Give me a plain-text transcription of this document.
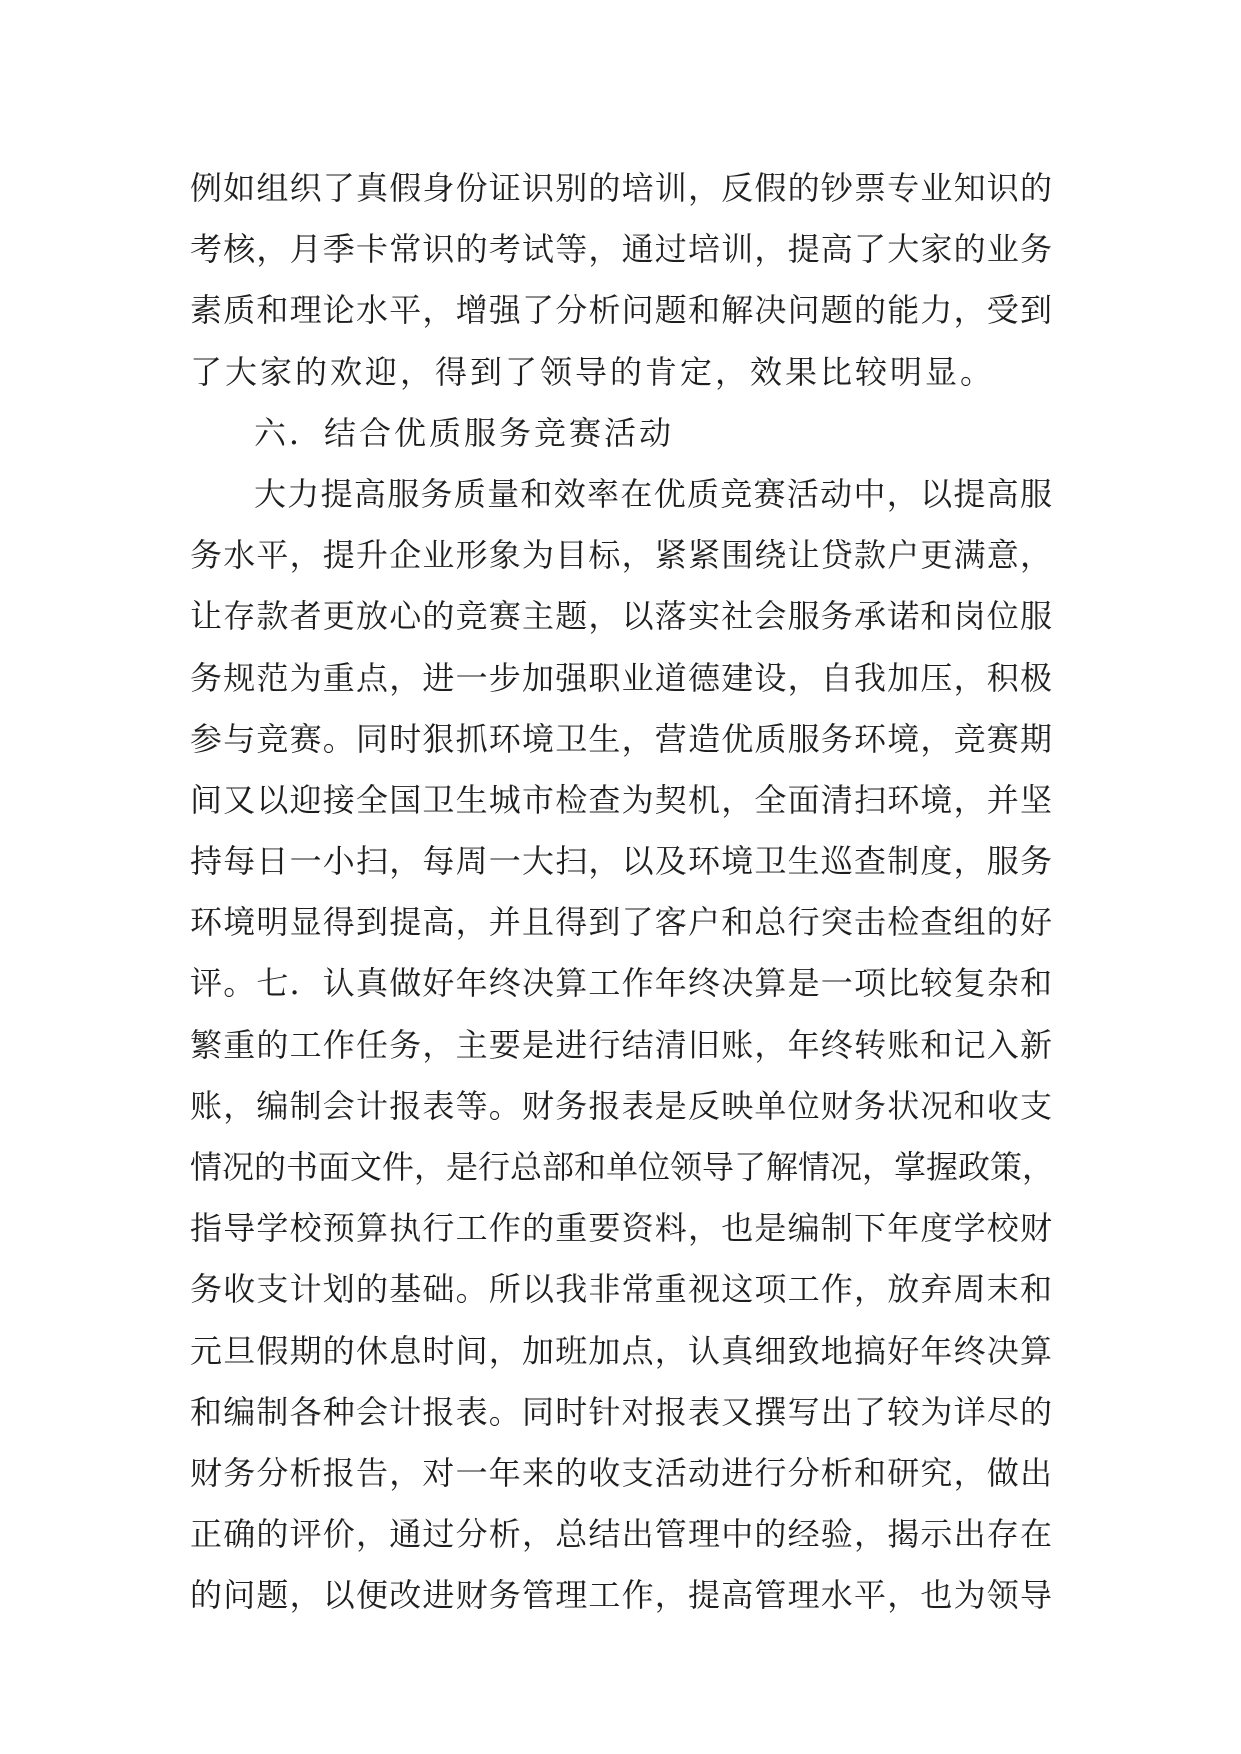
例如组织了真假身份证识别的培训，反假的钞票专业知识的
考核，月季卡常识的考试等，通过培训，提高了大家的业务
素质和理论水平，增强了分析问题和解决问题的能力，受到
了大家的欢迎，得到了领导的肯定，效果比较明显。
六．结合优质服务竞赛活动
大力提高服务质量和效率在优质竞赛活动中，以提高服
务水平，提升企业形象为目标，紧紧围绕让贷款户更满意，
让存款者更放心的竞赛主题，以落实社会服务承诺和岗位服
务规范为重点，进一步加强职业道德建设，自我加压，积极
参与竞赛。同时狠抓环境卫生，营造优质服务环境，竞赛期
间又以迎接全国卫生城市检查为契机，全面清扫环境，并坚
持每日一小扫，每周一大扫，以及环境卫生巡查制度，服务
环境明显得到提高，并且得到了客户和总行突击检查组的好
评。七．认真做好年终决算工作年终决算是一项比较复杂和
繁重的工作任务，主要是进行结清旧账，年终转账和记入新
账，编制会计报表等。财务报表是反映单位财务状况和收支
情况的书面文件，是行总部和单位领导了解情况，掌握政策，
指导学校预算执行工作的重要资料，也是编制下年度学校财
务收支计划的基础。所以我非常重视这项工作，放弃周末和
元旦假期的休息时间，加班加点，认真细致地搞好年终决算
和编制各种会计报表。同时针对报表又撰写出了较为详尽的
财务分析报告，对一年来的收支活动进行分析和研究，做出
正确的评价，通过分析，总结出管理中的经验，揭示出存在
的问题，以便改进财务管理工作，提高管理水平，也为领导
